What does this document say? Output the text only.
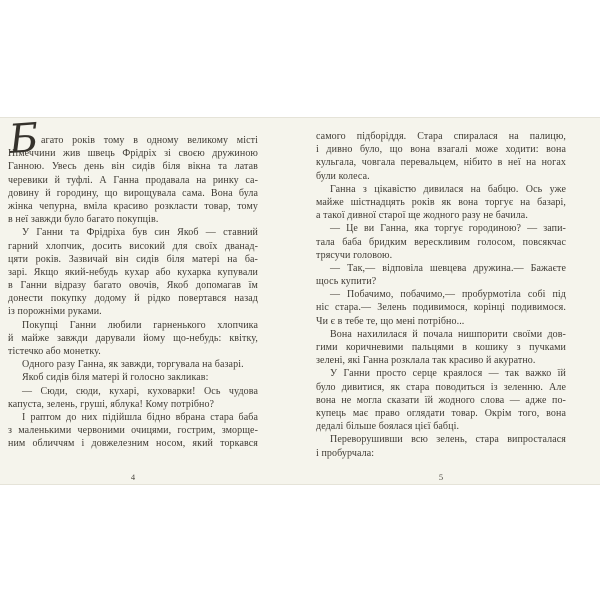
Б агато років тому в одному великому місті
Німеччини жив швець Фрідріх зі своєю дружиною
Ганною. Увесь день він сидів біля вікна та латав
черевики й туфлі. А Ганна продавала на ринку са-
довину й городину, що вирощувала сама. Вона була
жінка чепурна, вміла красиво розкласти товар, тому
в неї завжди було багато покупців.
У Ганни та Фрідріха був син Якоб — ставний
гарний хлопчик, досить високий для своїх дванад-
цяти років. Зазвичай він сидів біля матері на ба-
зарі. Якщо який-небудь кухар або кухарка купували
в Ганни відразу багато овочів, Якоб допомагав їм
донести покупку додому й рідко повертався назад
із порожніми руками.
Покупці Ганни любили гарненького хлопчика
й майже завжди дарували йому що-небудь: квітку,
тістечко або монетку.
Одного разу Ганна, як завжди, торгувала на базарі.
Якоб сидів біля матері й голосно закликав:
— Сюди, сюди, кухарі, куховарки! Ось чудова
капуста, зелень, груші, яблука! Кому потрібно?
І раптом до них підійшла бідно вбрана стара баба
з маленькими червоними очицями, гострим, зморще-
ним обличчям і довжелезним носом, який торкався
4
самого підборіддя. Стара спиралася на палицю,
і дивно було, що вона взагалі може ходити: вона
кульгала, човгала перевальцем, нібито в неї на ногах
були колеса.
Ганна з цікавістю дивилася на бабцю. Ось уже
майже шістнадцять років як вона торгує на базарі,
а такої дивної старої ще жодного разу не бачила.
— Це ви Ганна, яка торгує городиною? — запи-
тала баба бридким верескливим голосом, повсякчас
трясучи головою.
— Так,— відповіла шевцева дружина.— Бажаєте
щось купити?
— Побачимо, побачимо,— пробурмотіла собі під
ніс стара.— Зелень подивимося, корінці подивимося.
Чи є в тебе те, що мені потрібно...
Вона нахилилася й почала нишпорити своїми дов-
гими коричневими пальцями в кошику з пучками
зелені, які Ганна розклала так красиво й акуратно.
У Ганни просто серце краялося — так важко їй
було дивитися, як стара поводиться із зеленню. Але
вона не могла сказати їй жодного слова — адже по-
купець має право оглядати товар. Окрім того, вона
дедалі більше боялася цієї бабці.
Переворушивши всю зелень, стара випросталася
і пробурчала:
5
